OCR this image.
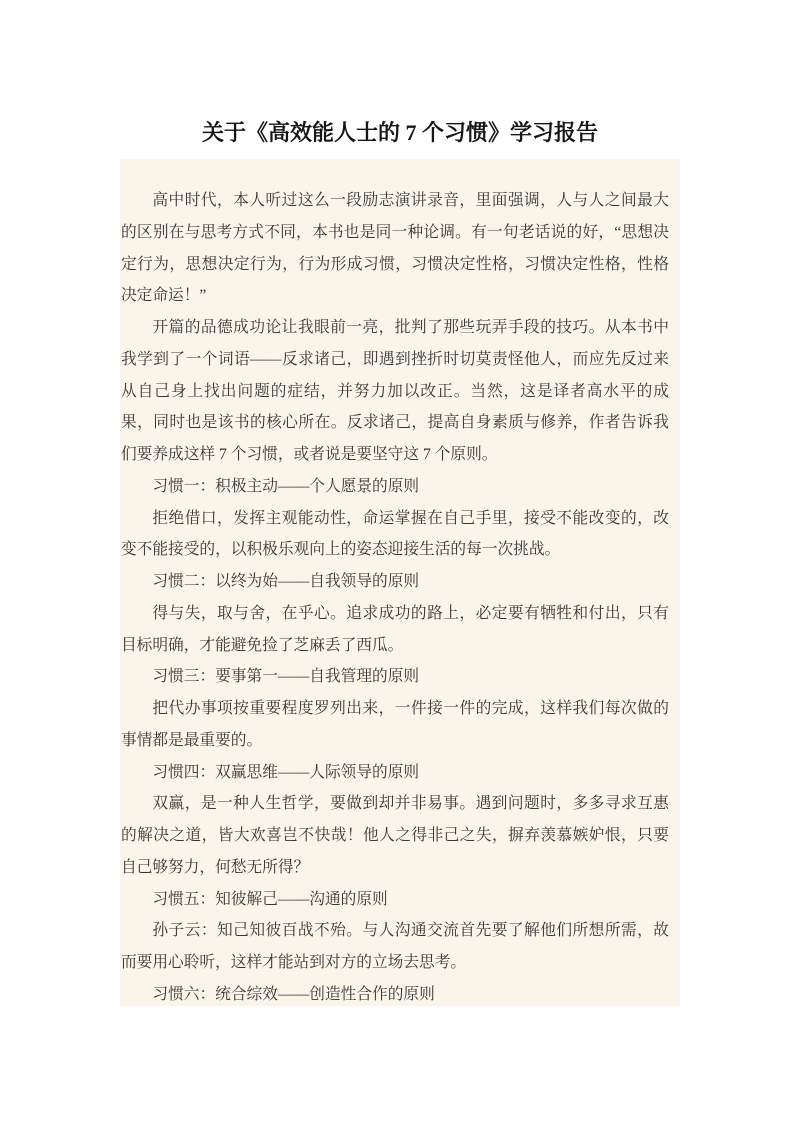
关于《高效能人士的 7 个习惯》学习报告

高中时代，本人听过这么一段励志演讲录音，里面强调，人与人之间最大的区别在与思考方式不同，本书也是同一种论调。有一句老话说的好，“思想决定行为，思想决定行为，行为形成习惯，习惯决定性格，习惯决定性格，性格决定命运！”

开篇的品德成功论让我眼前一亮，批判了那些玩弄手段的技巧。从本书中我学到了一个词语——反求诸己，即遇到挫折时切莫责怪他人，而应先反过来从自己身上找出问题的症结，并努力加以改正。当然，这是译者高水平的成果，同时也是该书的核心所在。反求诸己，提高自身素质与修养，作者告诉我们要养成这样 7 个习惯，或者说是要坚守这 7 个原则。

习惯一：积极主动——个人愿景的原则

拒绝借口，发挥主观能动性，命运掌握在自己手里，接受不能改变的，改变不能接受的，以积极乐观向上的姿态迎接生活的每一次挑战。

习惯二：以终为始——自我领导的原则

得与失，取与舍，在乎心。追求成功的路上，必定要有牺牲和付出，只有目标明确，才能避免捡了芝麻丢了西瓜。

习惯三：要事第一——自我管理的原则

把代办事项按重要程度罗列出来，一件接一件的完成，这样我们每次做的事情都是最重要的。

习惯四：双赢思维——人际领导的原则

双赢，是一种人生哲学，要做到却并非易事。遇到问题时，多多寻求互惠的解决之道，皆大欢喜岂不快哉！他人之得非己之失，摒弃羡慕嫉妒恨，只要自己够努力，何愁无所得？

习惯五：知彼解己——沟通的原则

孙子云：知己知彼百战不殆。与人沟通交流首先要了解他们所想所需，故而要用心聆听，这样才能站到对方的立场去思考。

习惯六：统合综效——创造性合作的原则
